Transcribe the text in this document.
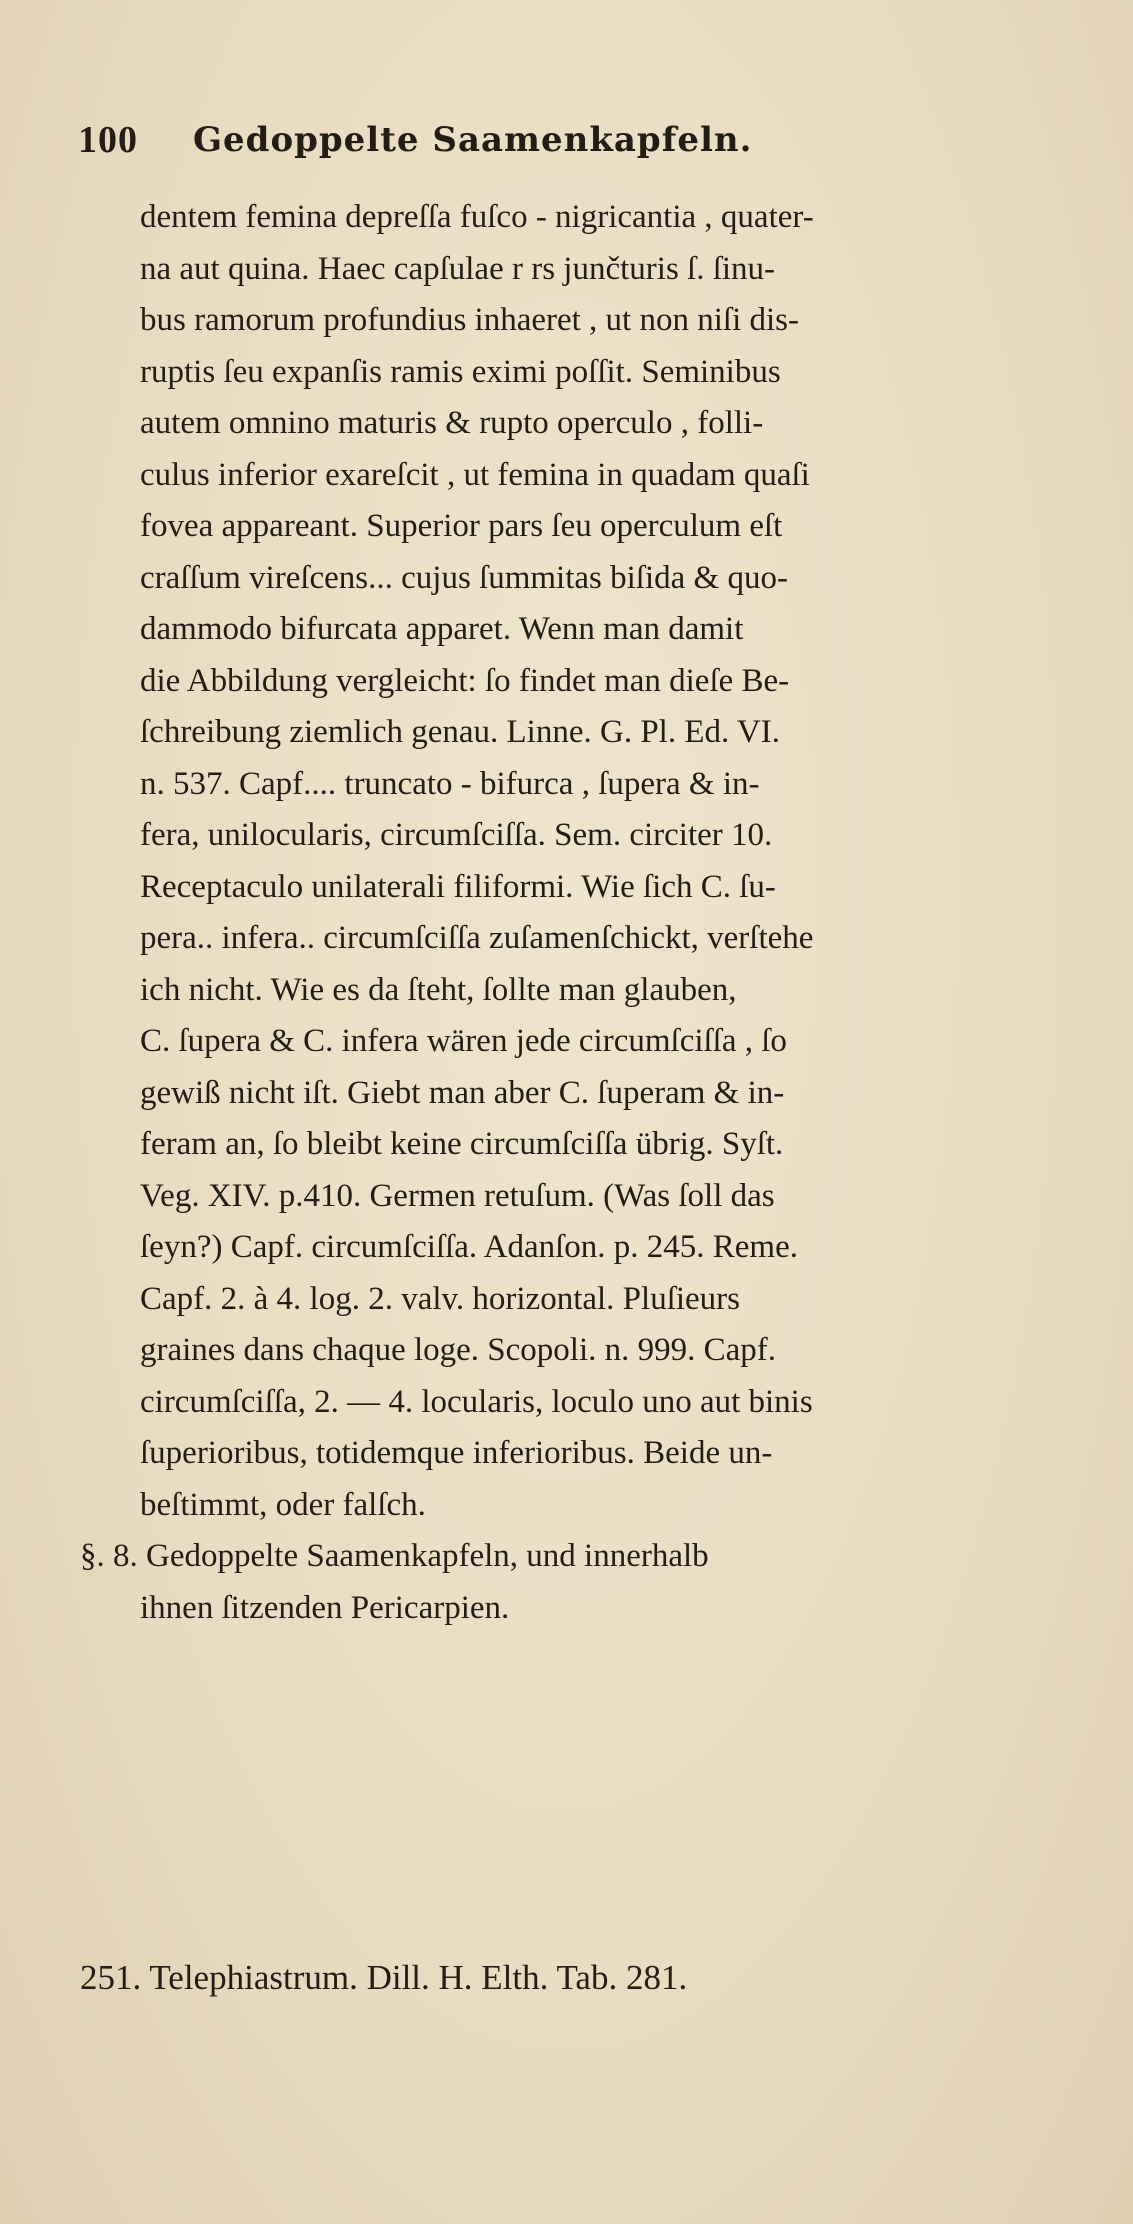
100 Gedoppelte Saamenkapfeln.
dentem femina depreſſa fuſco - nigricantia , quater-
na aut quina. Haec capſulae r rs junčturis ſ. ſinu-
bus ramorum profundius inhaeret , ut non niſi dis-
ruptis ſeu expanſis ramis eximi poſſit. Seminibus
autem omnino maturis & rupto operculo , folli-
culus inferior exareſcit , ut femina in quadam quaſi
fovea appareant. Superior pars ſeu operculum eſt
craſſum vireſcens... cujus ſummitas biſida & quo-
dammodo bifurcata apparet. Wenn man damit
die Abbildung vergleicht: ſo findet man dieſe Be-
ſchreibung ziemlich genau. Linne. G. Pl. Ed. VI.
n. 537. Capf.... truncato - bifurca , ſupera & in-
fera, unilocularis, circumſciſſa. Sem. circiter 10.
Receptaculo unilaterali filiformi. Wie ſich C. ſu-
pera.. infera.. circumſciſſa zuſamenſchickt, verſtehe
ich nicht. Wie es da ſteht, ſollte man glauben,
C. ſupera & C. infera wären jede circumſciſſa , ſo
gewiß nicht iſt. Giebt man aber C. ſuperam & in-
feram an, ſo bleibt keine circumſciſſa übrig. Syſt.
Veg. XIV. p.410. Germen retuſum. (Was ſoll das
ſeyn?) Capf. circumſciſſa. Adanſon. p. 245. Reme.
Capf. 2. à 4. log. 2. valv. horizontal. Pluſieurs
graines dans chaque loge. Scopoli. n. 999. Capf.
circumſciſſa, 2. — 4. locularis, loculo uno aut binis
ſuperioribus, totidemque inferioribus. Beide un-
beſtimmt, oder falſch.
§. 8. Gedoppelte Saamenkapfeln, und innerhalb
ihnen ſitzenden Pericarpien.
251. Telephiastrum. Dill. H. Elth. Tab. 281.
